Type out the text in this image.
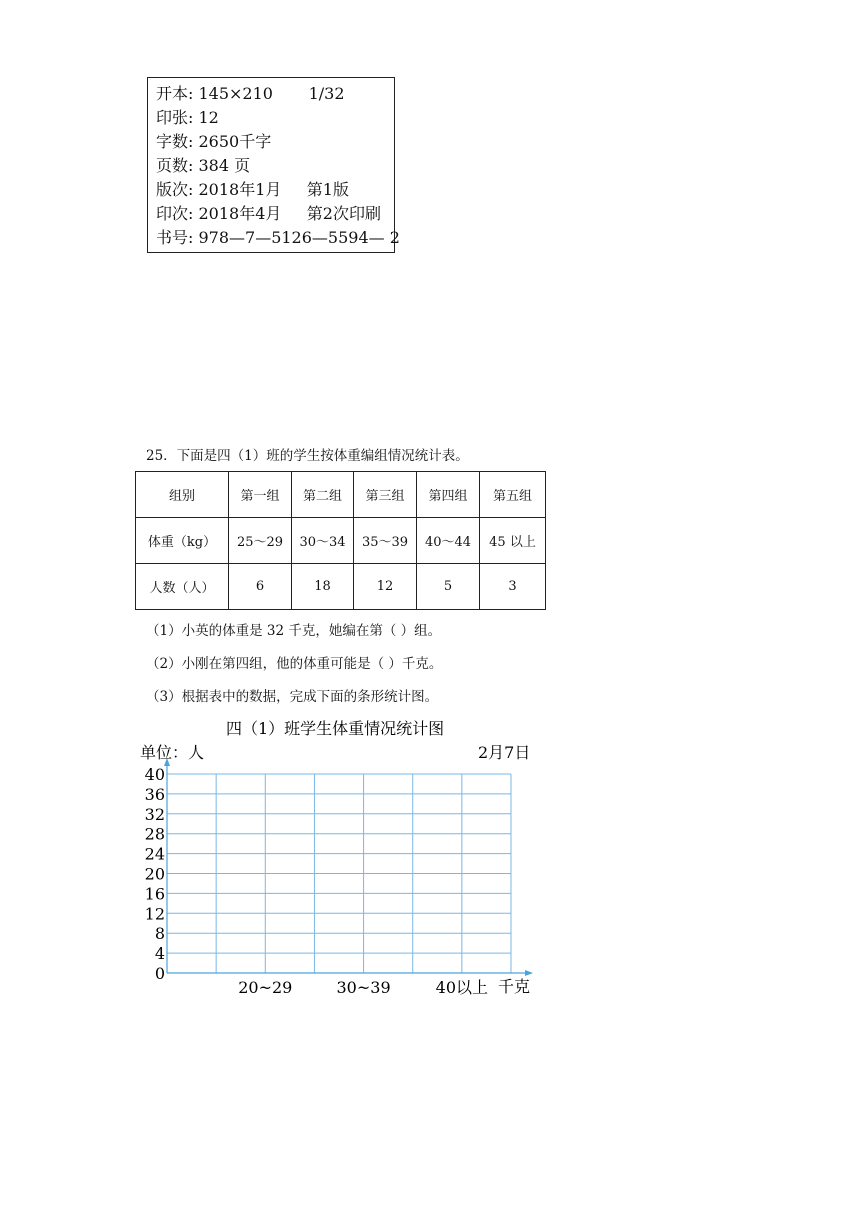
开本: 145×210       1/32
印张: 12
字数: 2650千字
页数: 384 页
版次: 2018年1月     第1版
印次: 2018年4月     第2次印刷
书号: 978—7—5126—5594— 2
25．下面是四（1）班的学生按体重编组情况统计表。
组别	第一组	第二组	第三组	第四组	第五组
体重（kg）	25～29	30～34	35～39	40～44	45 以上
人数（人）	6	18	12	5	3
（1）小英的体重是 32 千克，她编在第（ ）组。
（2）小刚在第四组，他的体重可能是（ ）千克。
（3）根据表中的数据，完成下面的条形统计图。
0
4
8
12
16
20
24
28
32
36
40
20~29	30~39	40以上
四（1）班学生体重情况统计图
单位：人	2月7日
千克
